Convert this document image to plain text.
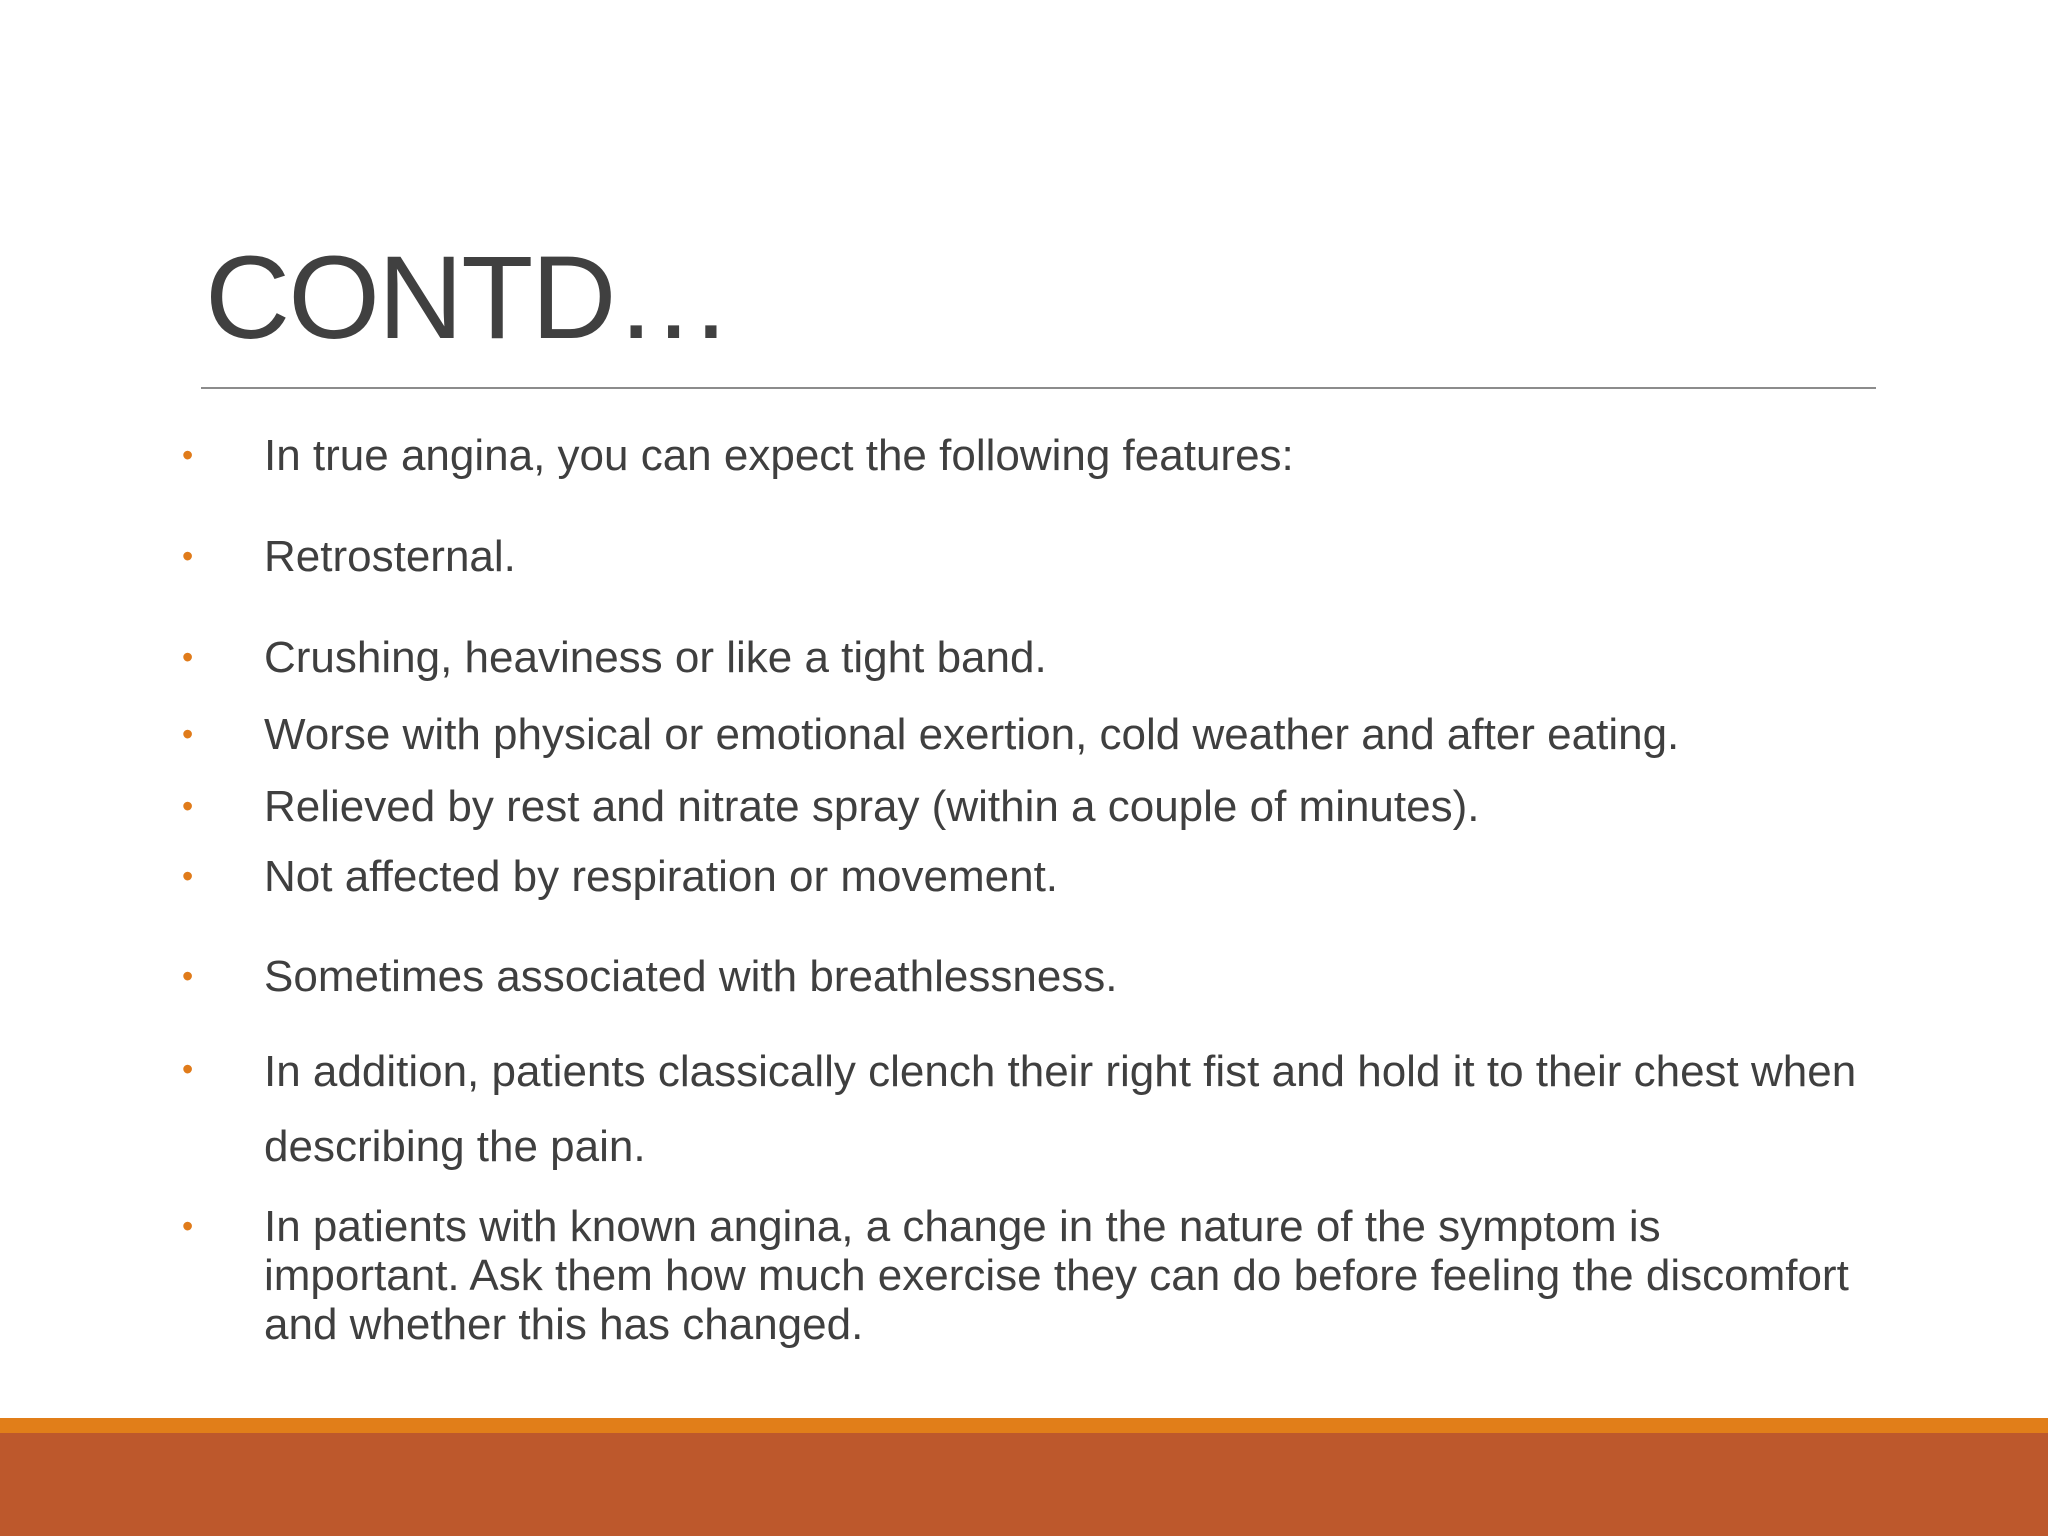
CONTD…
• In true angina, you can expect the following features:
• Retrosternal.
• Crushing, heaviness or like a tight band.
• Worse with physical or emotional exertion, cold weather and after eating.
• Relieved by rest and nitrate spray (within a couple of minutes).
• Not affected by respiration or movement.
• Sometimes associated with breathlessness.
• In addition, patients classically clench their right fist and hold it to their chest when describing the pain.
• In patients with known angina, a change in the nature of the symptom is important. Ask them how much exercise they can do before feeling the discomfort and whether this has changed.
